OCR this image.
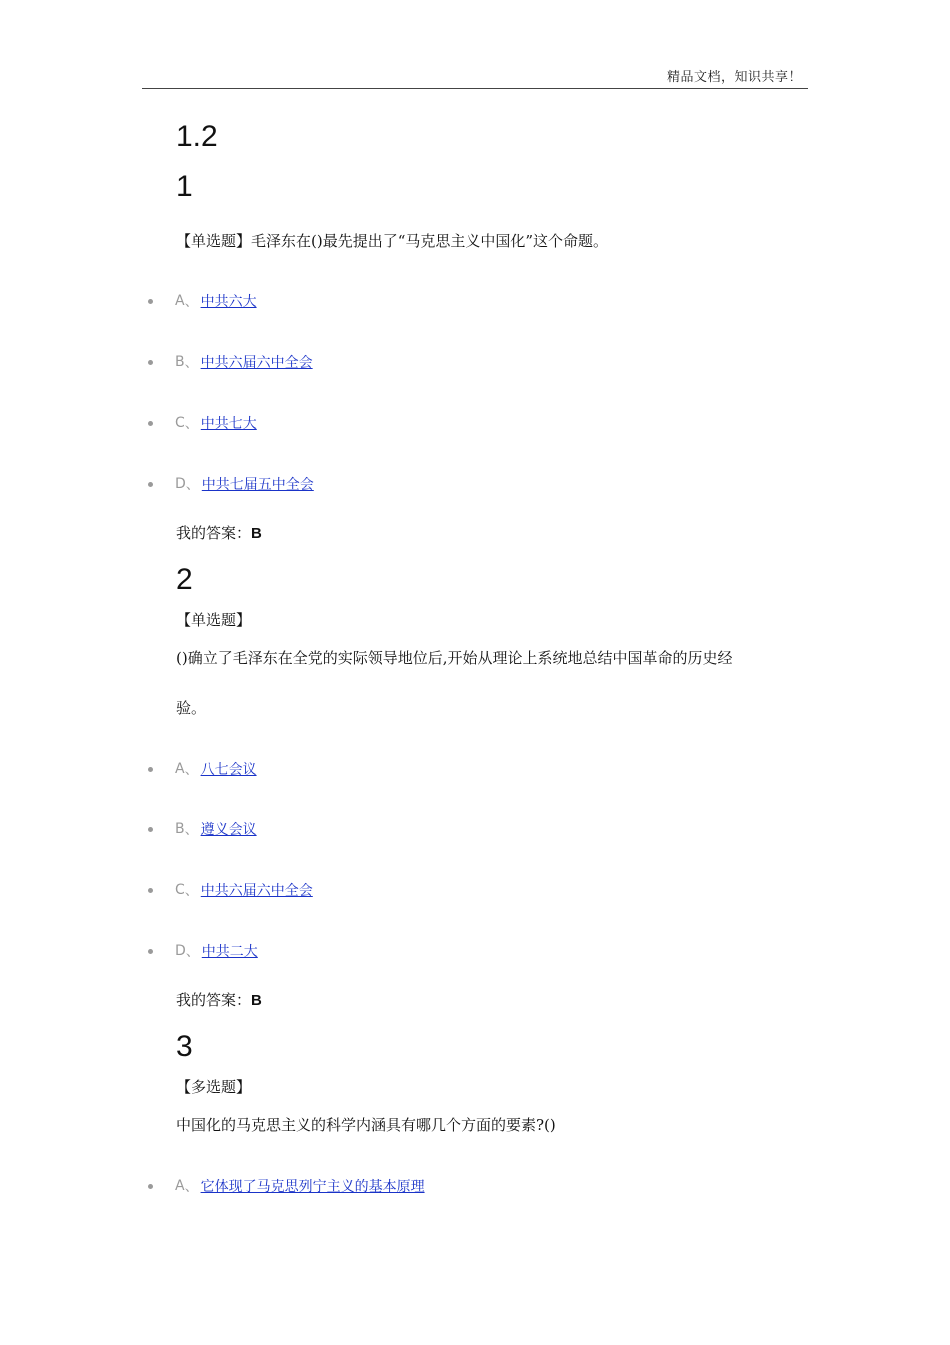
精品文档，知识共享！
1.2
1
【单选题】毛泽东在()最先提出了“马克思主义中国化”这个命题。
A 、 中共六大
B 、 中共六届六中全会
C 、 中共七大
D 、 中共七届五中全会
我的答案：B
2
【单选题】
()确立了毛泽东在全党的实际领导地位后,开始从理论上系统地总结中国革命的历史经
验。
A 、 八七会议
B 、 遵义会议
C 、 中共六届六中全会
D 、 中共二大
我的答案：B
3
【多选题】
中国化的马克思主义的科学内涵具有哪几个方面的要素?()
A 、 它体现了马克思列宁主义的基本原理
